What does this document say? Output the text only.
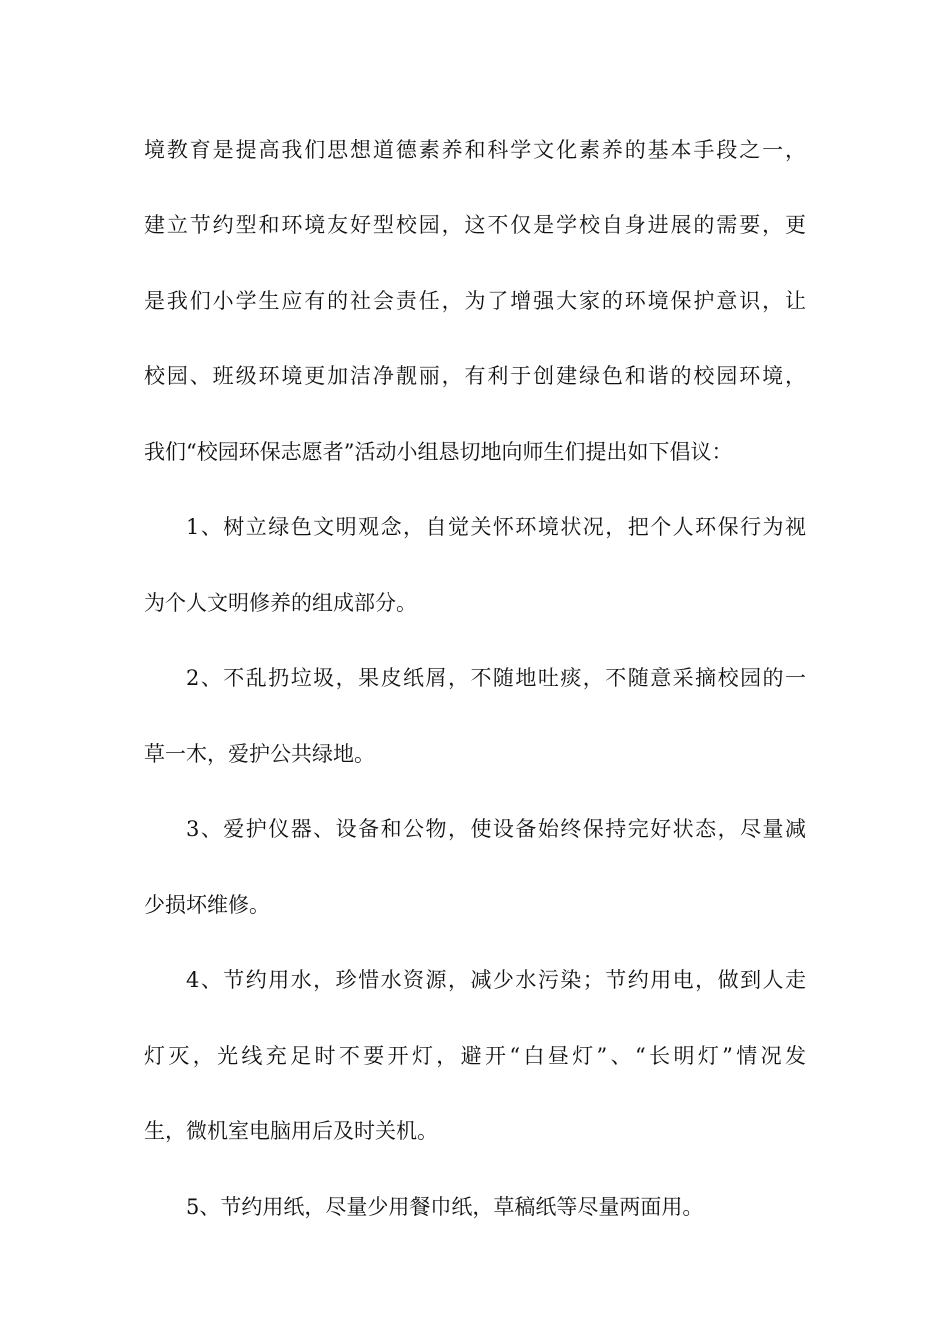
境教育是提高我们思想道德素养和科学文化素养的基本手段之一，
建立节约型和环境友好型校园，这不仅是学校自身进展的需要，更
是我们小学生应有的社会责任，为了增强大家的环境保护意识，让
校园、班级环境更加洁净靓丽，有利于创建绿色和谐的校园环境，
我们“校园环保志愿者”活动小组恳切地向师生们提出如下倡议：
1、树立绿色文明观念，自觉关怀环境状况，把个人环保行为视
为个人文明修养的组成部分。
2、不乱扔垃圾，果皮纸屑，不随地吐痰，不随意采摘校园的一
草一木，爱护公共绿地。
3、爱护仪器、设备和公物，使设备始终保持完好状态，尽量减
少损坏维修。
4、节约用水，珍惜水资源，减少水污染；节约用电，做到人走
灯灭，光线充足时不要开灯，避开“白昼灯”、“长明灯”情况发
生，微机室电脑用后及时关机。
5、节约用纸，尽量少用餐巾纸，草稿纸等尽量两面用。
